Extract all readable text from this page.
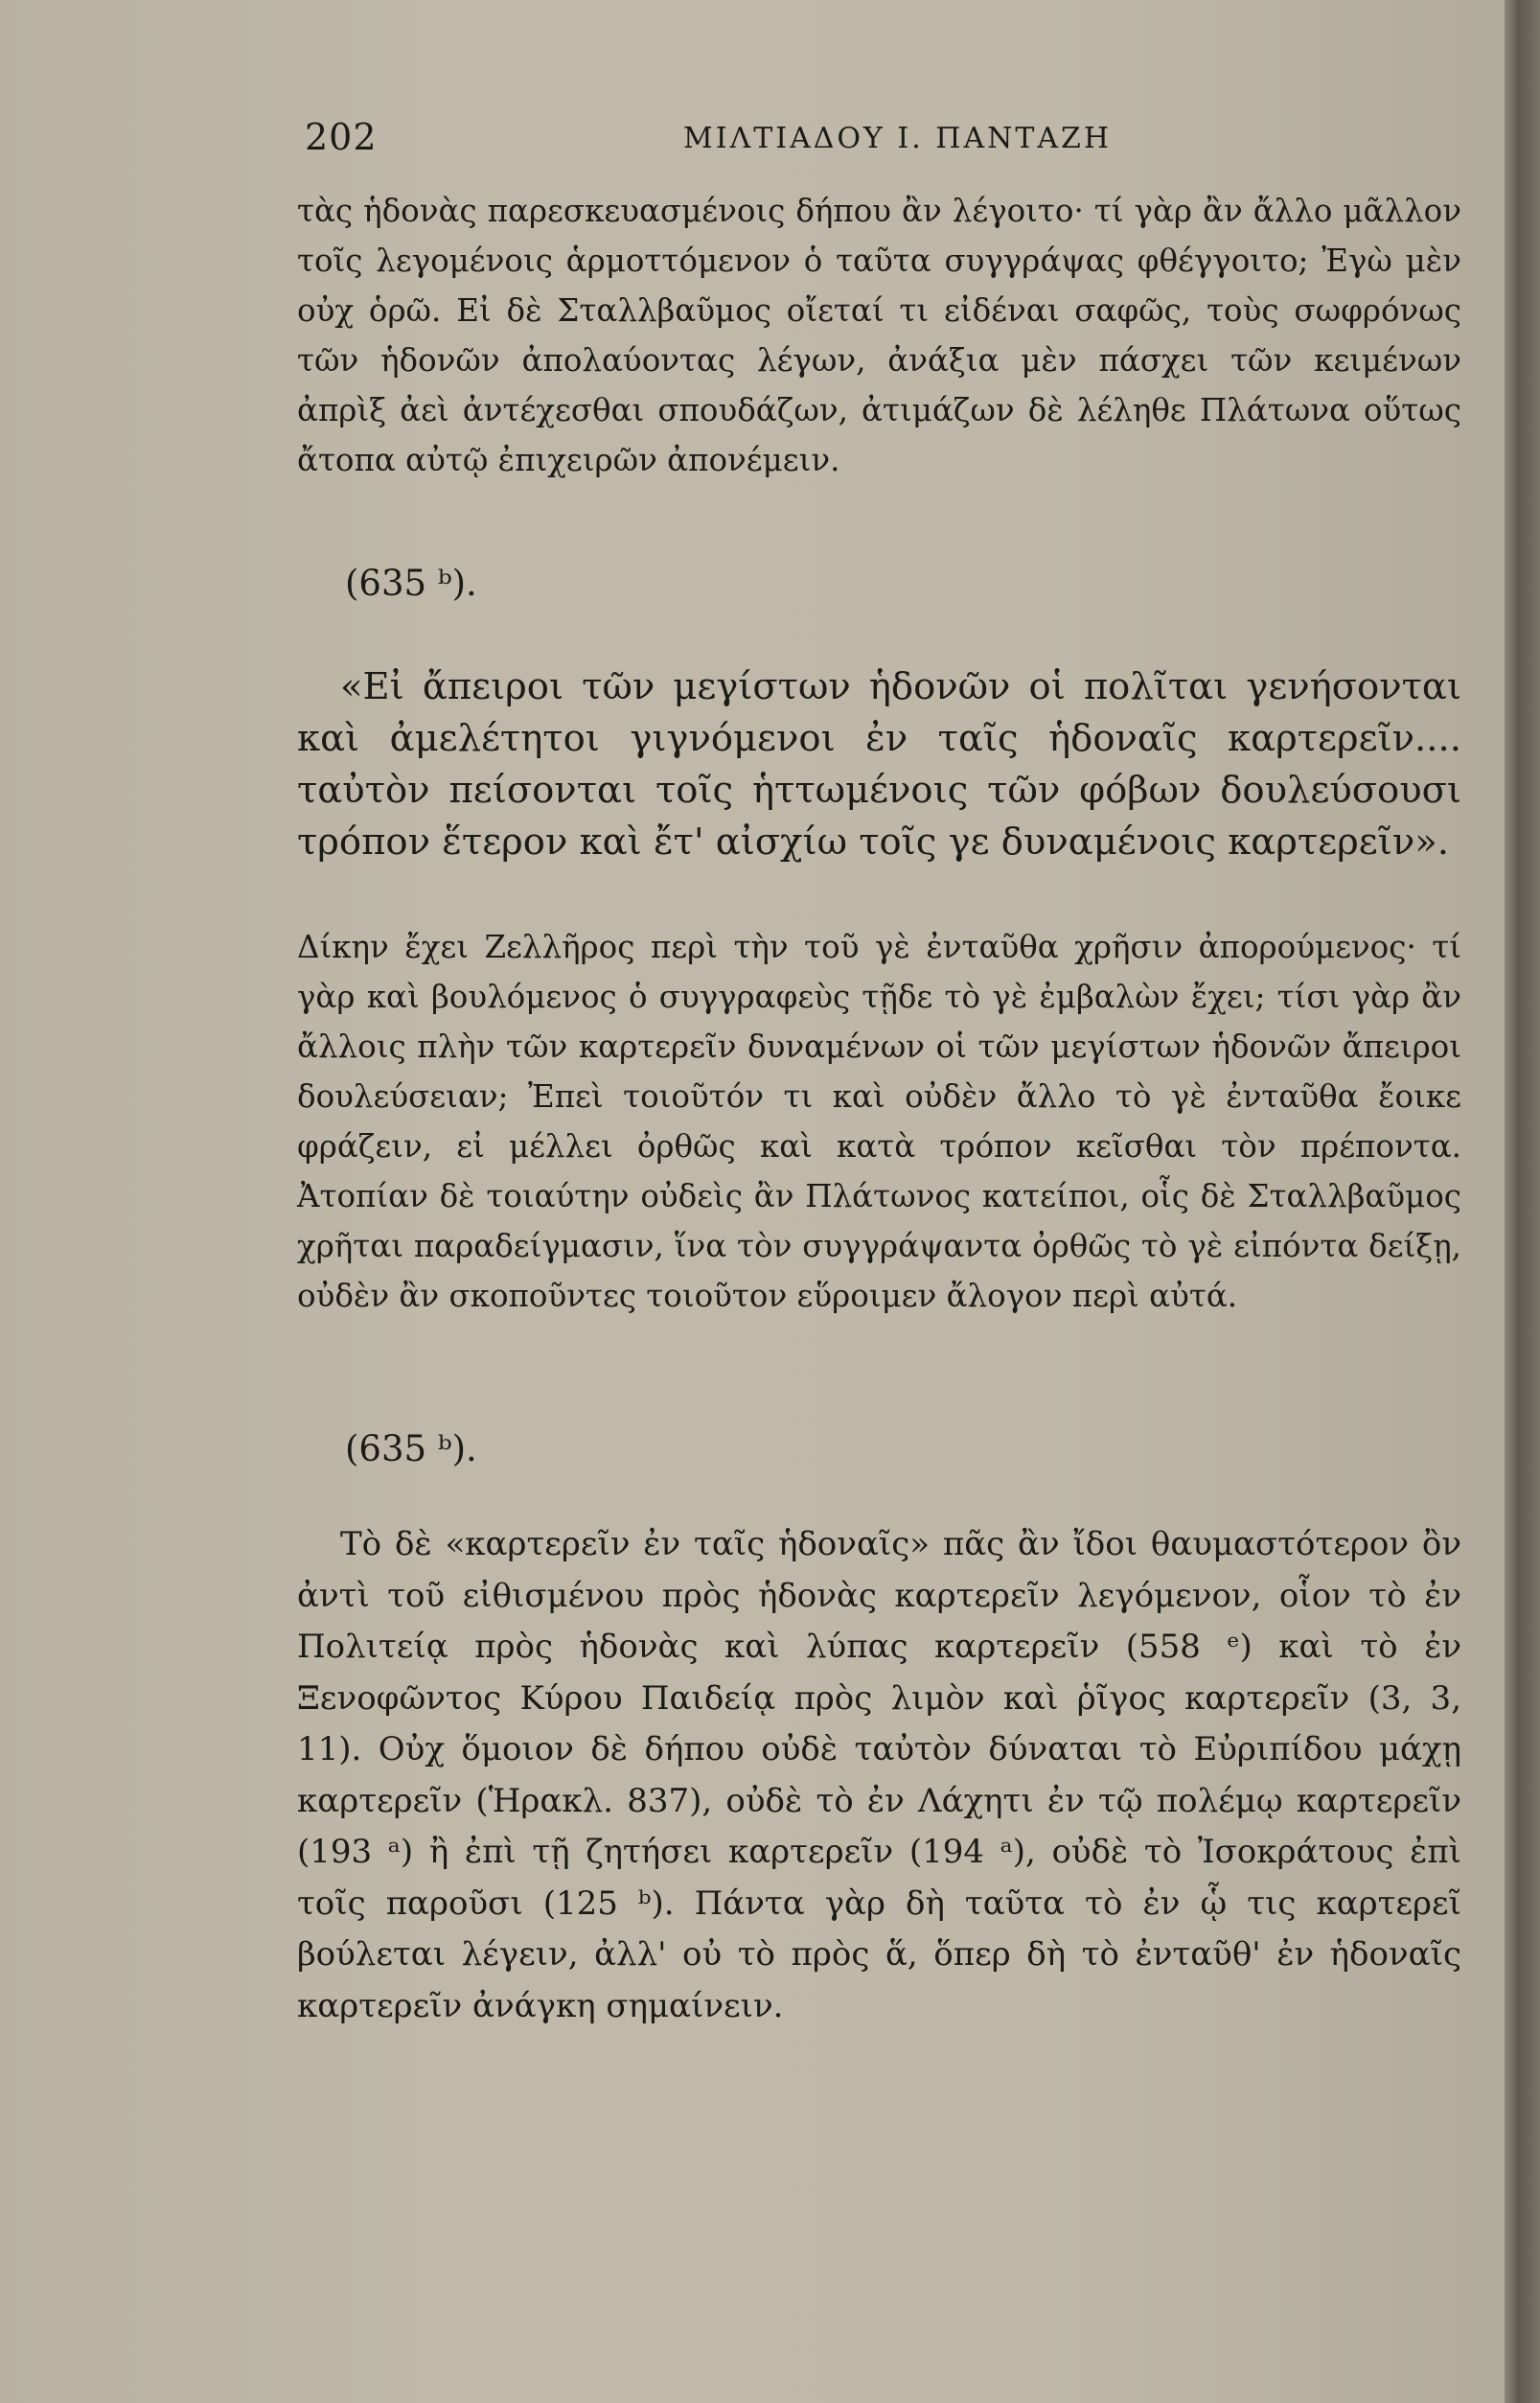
202	ΜΙΛΤΙΑΔΟΥ Ι. ΠΑΝΤΑΖΗ

τὰς ἡδονὰς παρεσκευασμένοις δήπου ἂν λέγοιτο· τί γὰρ ἂν ἄλλο μᾶλλον τοῖς λεγομένοις ἁρμοττόμενον ὁ ταῦτα συγγράψας φθέγγοιτο; Ἐγὼ μὲν οὐχ ὁρῶ. Εἰ δὲ Σταλλβαῦμος οἴεταί τι εἰδέναι σαφῶς, τοὺς σωφρόνως τῶν ἡδονῶν ἀπολαύοντας λέγων, ἀνάξια μὲν πάσχει τῶν κειμένων ἀπρὶξ ἀεὶ ἀντέχεσθαι σπουδάζων, ἀτιμάζων δὲ λέληθε Πλάτωνα οὕτως ἄτοπα αὐτῷ ἐπιχειρῶν ἀπονέμειν.

(635 ᵇ).

«Εἰ ἄπειροι τῶν μεγίστων ἡδονῶν οἱ πολῖται γενήσονται καὶ ἀμελέτητοι γιγνόμενοι ἐν ταῖς ἡδοναῖς καρτερεῖν.... ταὐτὸν πείσονται τοῖς ἡττωμένοις τῶν φόβων δουλεύσουσι τρόπον ἕτερον καὶ ἔτ' αἰσχίω τοῖς γε δυναμένοις καρτερεῖν».

Δίκην ἔχει Ζελλῆρος περὶ τὴν τοῦ γὲ ἐνταῦθα χρῆσιν ἀπορούμενος· τί γὰρ καὶ βουλόμενος ὁ συγγραφεὺς τῇδε τὸ γὲ ἐμβαλὼν ἔχει; τίσι γὰρ ἂν ἄλλοις πλὴν τῶν καρτερεῖν δυναμένων οἱ τῶν μεγίστων ἡδονῶν ἄπειροι δουλεύσειαν; Ἐπεὶ τοιοῦτόν τι καὶ οὐδὲν ἄλλο τὸ γὲ ἐνταῦθα ἔοικε φράζειν, εἰ μέλλει ὀρθῶς καὶ κατὰ τρόπον κεῖσθαι τὸν πρέποντα. Ἀτοπίαν δὲ τοιαύτην οὐδεὶς ἂν Πλάτωνος κατείποι, οἷς δὲ Σταλλβαῦμος χρῆται παραδείγμασιν, ἵνα τὸν συγγράψαντα ὀρθῶς τὸ γὲ εἰπόντα δείξῃ, οὐδὲν ἂν σκοποῦντες τοιοῦτον εὕροιμεν ἄλογον περὶ αὐτά.

(635 ᵇ).

Τὸ δὲ «καρτερεῖν ἐν ταῖς ἡδοναῖς» πᾶς ἂν ἴδοι θαυμαστότερον ὂν ἀντὶ τοῦ εἰθισμένου πρὸς ἡδονὰς καρτερεῖν λεγόμενον, οἷον τὸ ἐν Πολιτείᾳ πρὸς ἡδονὰς καὶ λύπας καρτερεῖν (558 ᵉ) καὶ τὸ ἐν Ξενοφῶντος Κύρου Παιδείᾳ πρὸς λιμὸν καὶ ῥῖγος καρτερεῖν (3, 3, 11). Οὐχ ὅμοιον δὲ δήπου οὐδὲ ταὐτὸν δύναται τὸ Εὐριπίδου μάχῃ καρτερεῖν (Ἡρακλ. 837), οὐδὲ τὸ ἐν Λάχητι ἐν τῷ πολέμῳ καρτερεῖν (193 ᵃ) ἢ ἐπὶ τῇ ζητήσει καρτερεῖν (194 ᵃ), οὐδὲ τὸ Ἰσοκράτους ἐπὶ τοῖς παροῦσι (125 ᵇ). Πάντα γὰρ δὴ ταῦτα τὸ ἐν ᾧ τις καρτερεῖ βούλεται λέγειν, ἀλλ' οὐ τὸ πρὸς ἅ, ὅπερ δὴ τὸ ἐνταῦθ' ἐν ἡδοναῖς καρτερεῖν ἀνάγκη σημαίνειν.
